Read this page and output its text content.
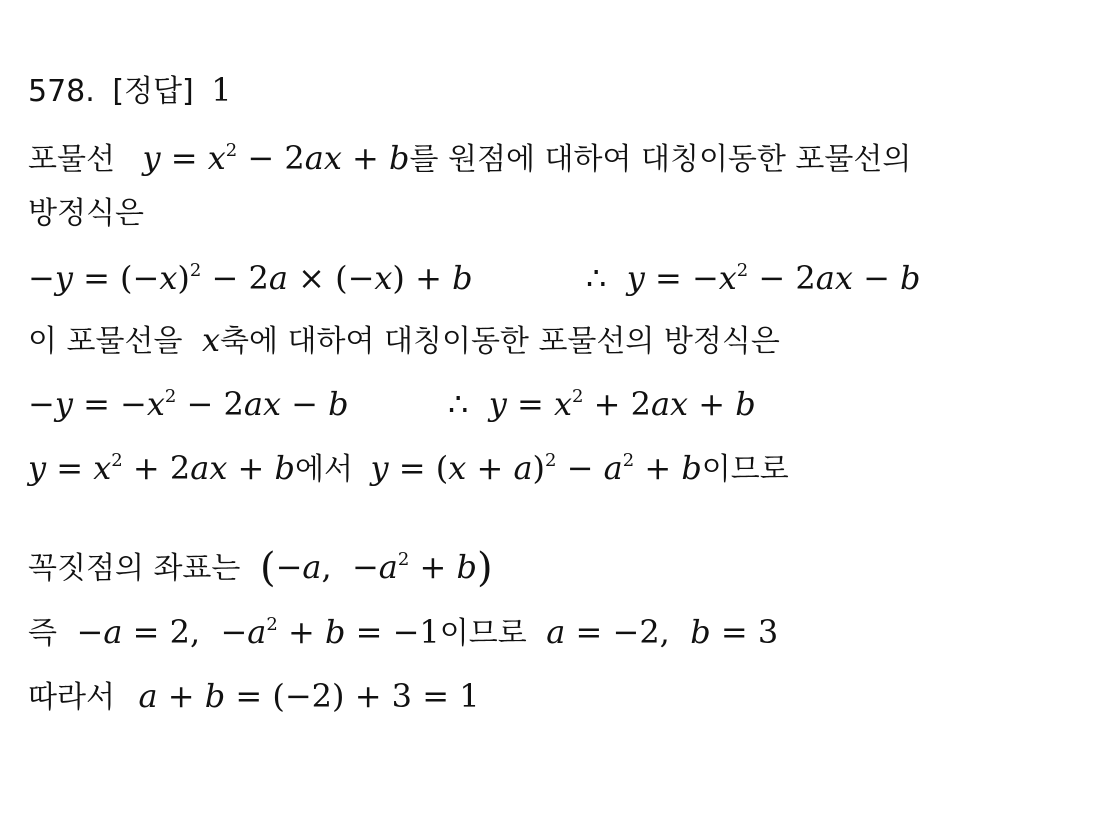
578. [정답] 1
포물선 $y = x^2 - 2ax + b$를 원점에 대하여 대칭이동한 포물선의
방정식은
$-y = (-x)^2 - 2a \times (-x) + b$	∴  $y = -x^2 - 2ax - b$
이 포물선을 x축에 대하여 대칭이동한 포물선의 방정식은
$-y = -x^2 - 2ax - b$	∴  $y = x^2 + 2ax + b$
$y = x^2 + 2ax + b$에서 $y = (x + a)^2 - a^2 + b$이므로
꼭짓점의 좌표는 (−a,  $-a^2 + b$)
즉 −a = 2,  $-a^2 + b = -1$이므로 a = −2,  b = 3
따라서 a + b = (−2) + 3 = 1
